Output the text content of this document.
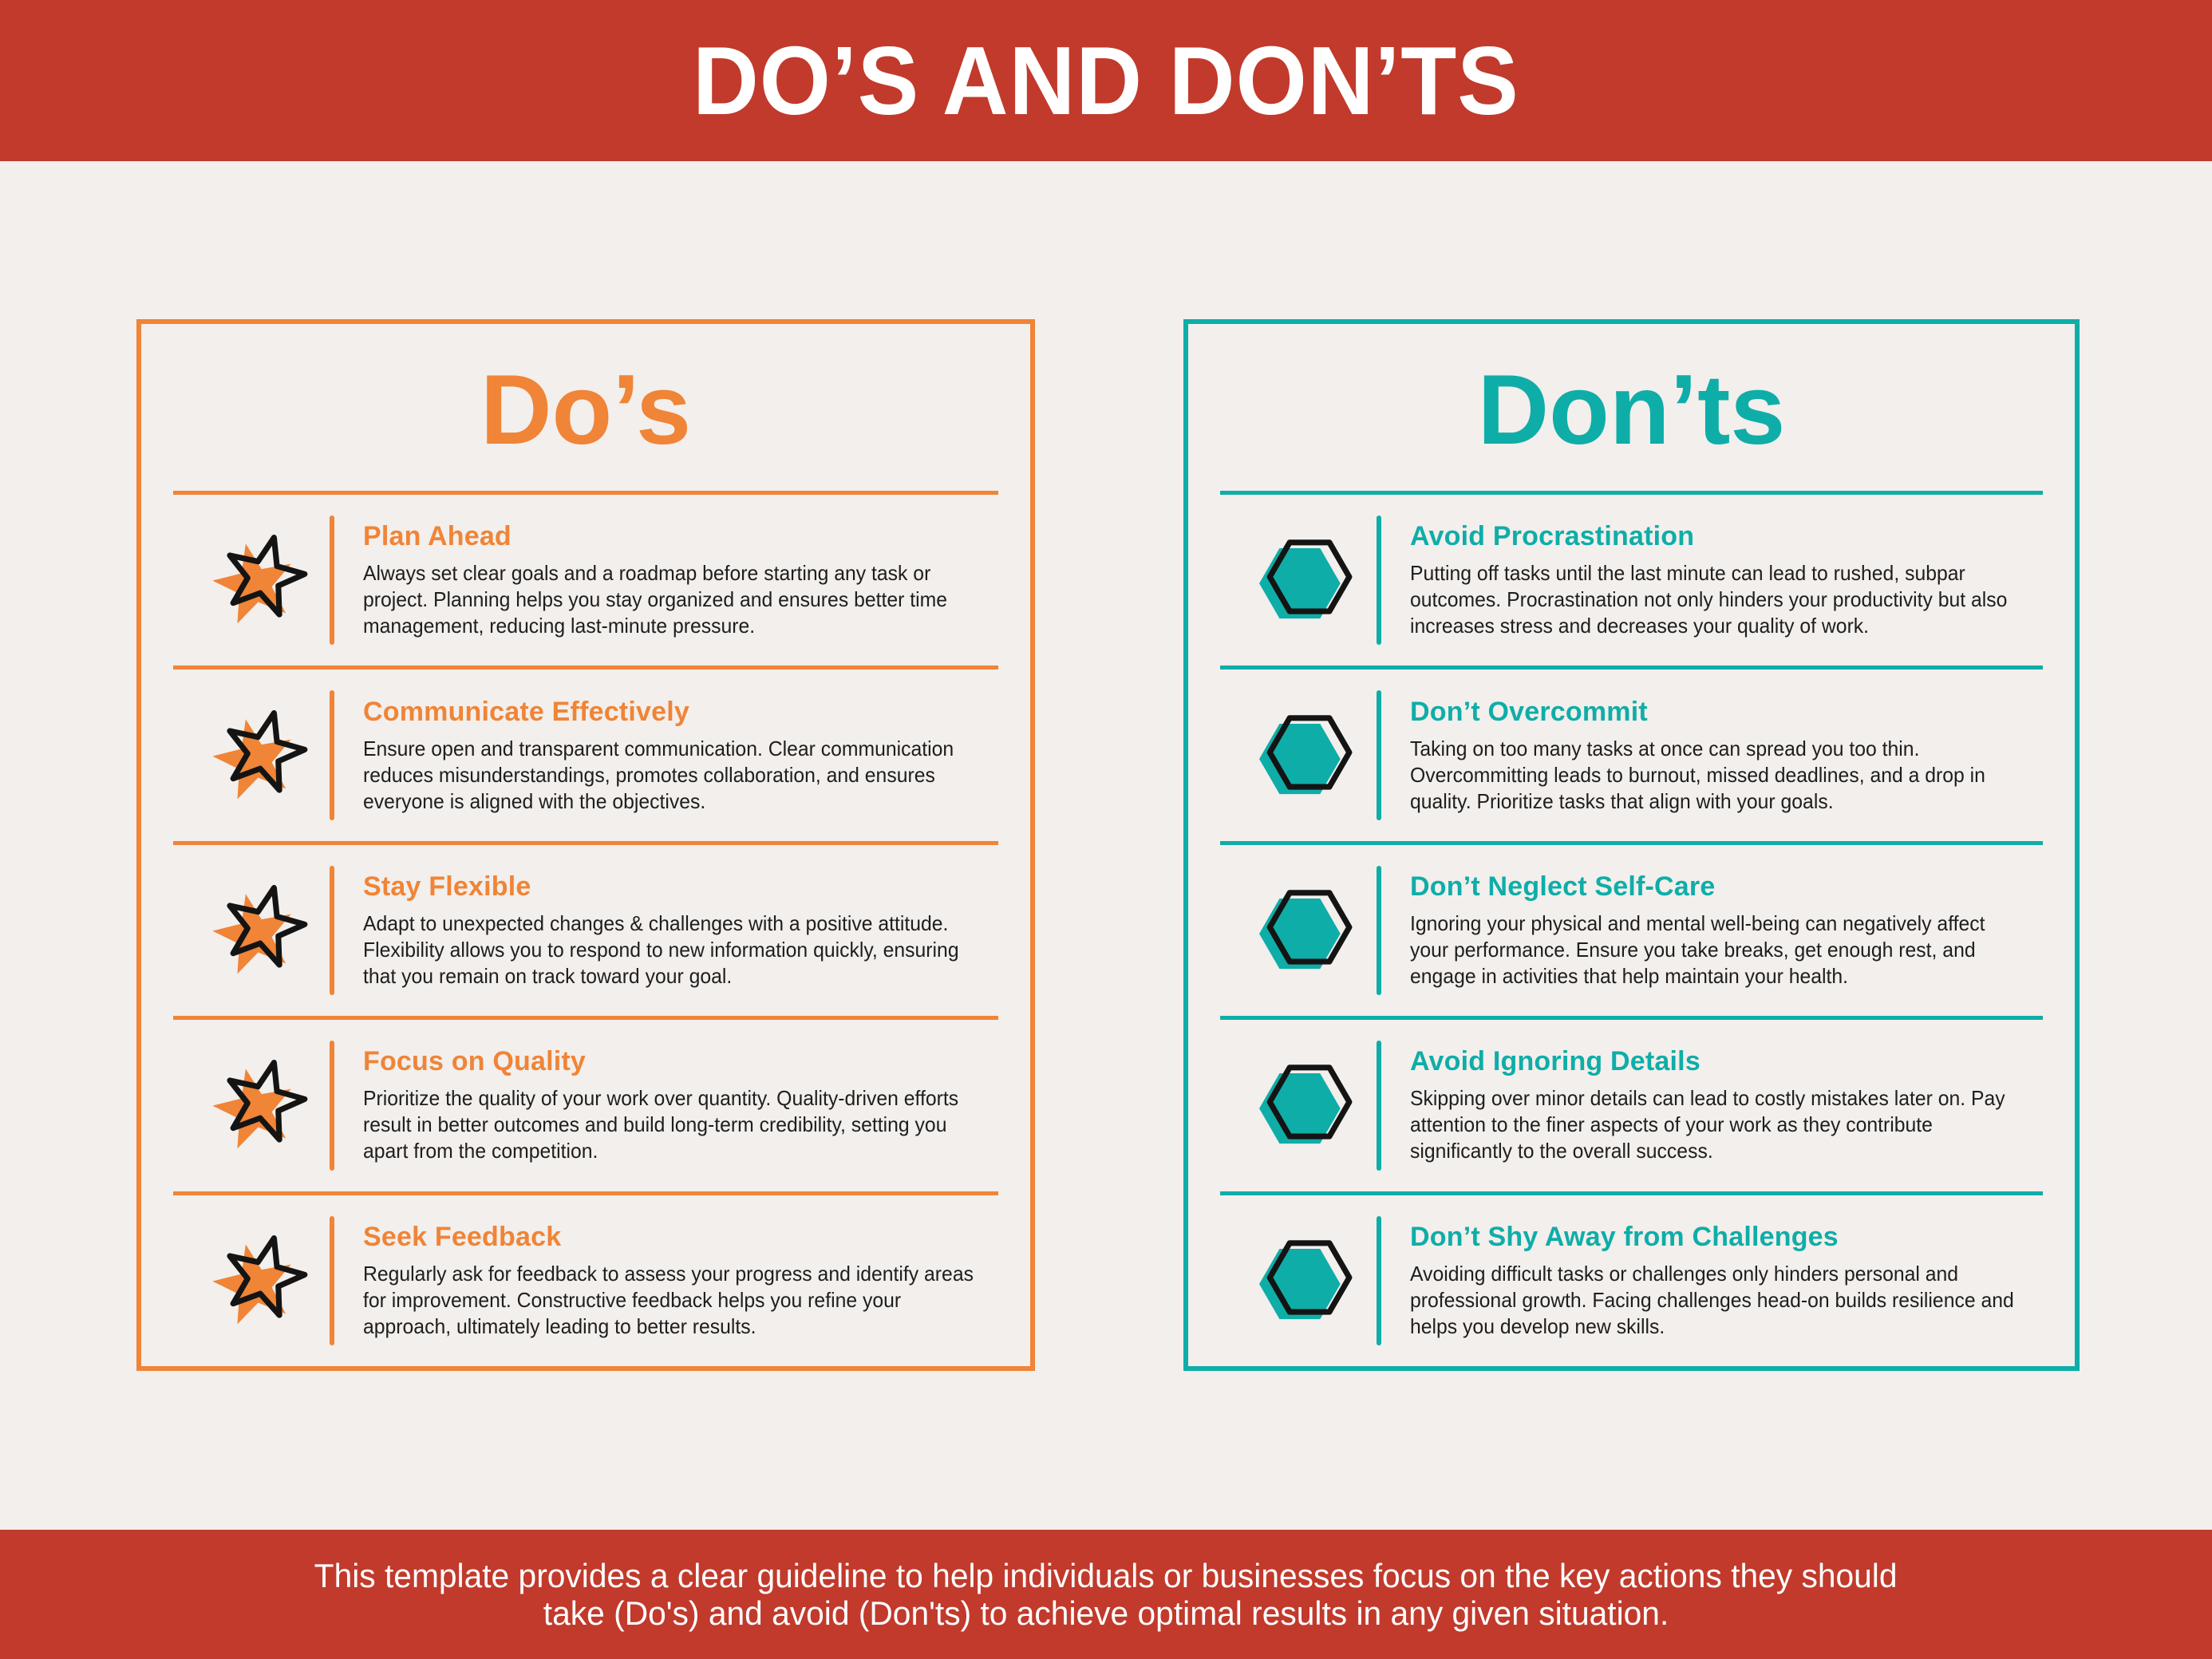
DO’S AND DON’TS
Do’s
Plan Ahead

Always set clear goals and a roadmap before starting any task or project. Planning helps you stay organized and ensures better time management, reducing last-minute pressure.

Communicate Effectively

Ensure open and transparent communication. Clear communication reduces misunderstandings, promotes collaboration, and ensures everyone is aligned with the objectives.

Stay Flexible

Adapt to unexpected changes & challenges with a positive attitude. Flexibility allows you to respond to new information quickly, ensuring that you remain on track toward your goal.

Focus on Quality

Prioritize the quality of your work over quantity. Quality-driven efforts result in better outcomes and build long-term credibility, setting you apart from the competition.

Seek Feedback

Regularly ask for feedback to assess your progress and identify areas for improvement. Constructive feedback helps you refine your approach, ultimately leading to better results.

Don’ts
Avoid Procrastination

Putting off tasks until the last minute can lead to rushed, subpar outcomes. Procrastination not only hinders your productivity but also increases stress and decreases your quality of work.

Don’t Overcommit

Taking on too many tasks at once can spread you too thin. Overcommitting leads to burnout, missed deadlines, and a drop in quality. Prioritize tasks that align with your goals.

Don’t Neglect Self-Care

Ignoring your physical and mental well-being can negatively affect your performance. Ensure you take breaks, get enough rest, and engage in activities that help maintain your health.

Avoid Ignoring Details

Skipping over minor details can lead to costly mistakes later on. Pay attention to the finer aspects of your work as they contribute significantly to the overall success.

Don’t Shy Away from Challenges

Avoiding difficult tasks or challenges only hinders personal and professional growth. Facing challenges head-on builds resilience and helps you develop new skills.

This template provides a clear guideline to help individuals or businesses focus on the key actions they should
take (Do's) and avoid (Don'ts) to achieve optimal results in any given situation.
